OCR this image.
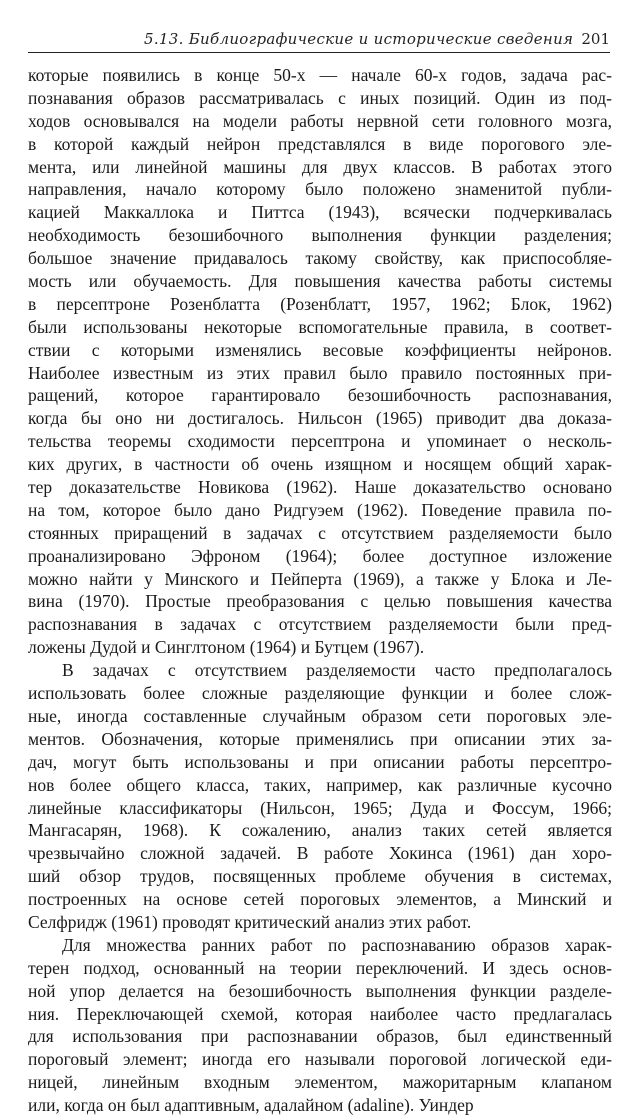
5.13. Библиографические и исторические сведения 201
которые появились в конце 50-х — начале 60-х годов, задача рас-
познавания образов рассматривалась с иных позиций. Один из под-
ходов основывался на модели работы нервной сети головного мозга,
в которой каждый нейрон представлялся в виде порогового эле-
мента, или линейной машины для двух классов. В работах этого
направления, начало которому было положено знаменитой публи-
кацией Маккаллока и Питтса (1943), всячески подчеркивалась
необходимость безошибочного выполнения функции разделения;
большое значение придавалось такому свойству, как приспособляе-
мость или обучаемость. Для повышения качества работы системы
в персептроне Розенблатта (Розенблатт, 1957, 1962; Блок, 1962)
были использованы некоторые вспомогательные правила, в соответ-
ствии с которыми изменялись весовые коэффициенты нейронов.
Наиболее известным из этих правил было правило постоянных при-
ращений, которое гарантировало безошибочность распознавания,
когда бы оно ни достигалось. Нильсон (1965) приводит два доказа-
тельства теоремы сходимости персептрона и упоминает о несколь-
ких других, в частности об очень изящном и носящем общий харак-
тер доказательстве Новикова (1962). Наше доказательство основано
на том, которое было дано Ридгуэем (1962). Поведение правила по-
стоянных приращений в задачах с отсутствием разделяемости было
проанализировано Эфроном (1964); более доступное изложение
можно найти у Минского и Пейперта (1969), а также у Блока и Ле-
вина (1970). Простые преобразования с целью повышения качества
распознавания в задачах с отсутствием разделяемости были пред-
ложены Дудой и Синглтоном (1964) и Бутцем (1967).
В задачах с отсутствием разделяемости часто предполагалось
использовать более сложные разделяющие функции и более слож-
ные, иногда составленные случайным образом сети пороговых эле-
ментов. Обозначения, которые применялись при описании этих за-
дач, могут быть использованы и при описании работы персептро-
нов более общего класса, таких, например, как различные кусочно
линейные классификаторы (Нильсон, 1965; Дуда и Фоссум, 1966;
Мангасарян, 1968). К сожалению, анализ таких сетей является
чрезвычайно сложной задачей. В работе Хокинса (1961) дан хоро-
ший обзор трудов, посвященных проблеме обучения в системах,
построенных на основе сетей пороговых элементов, а Минский и
Селфридж (1961) проводят критический анализ этих работ.
Для множества ранних работ по распознаванию образов харак-
терен подход, основанный на теории переключений. И здесь основ-
ной упор делается на безошибочность выполнения функции разделе-
ния. Переключающей схемой, которая наиболее часто предлагалась
для использования при распознавании образов, был единственный
пороговый элемент; иногда его называли пороговой логической еди-
ницей, линейным входным элементом, мажоритарным клапаном
или, когда он был адаптивным, адалайном (adaline). Уиндер
